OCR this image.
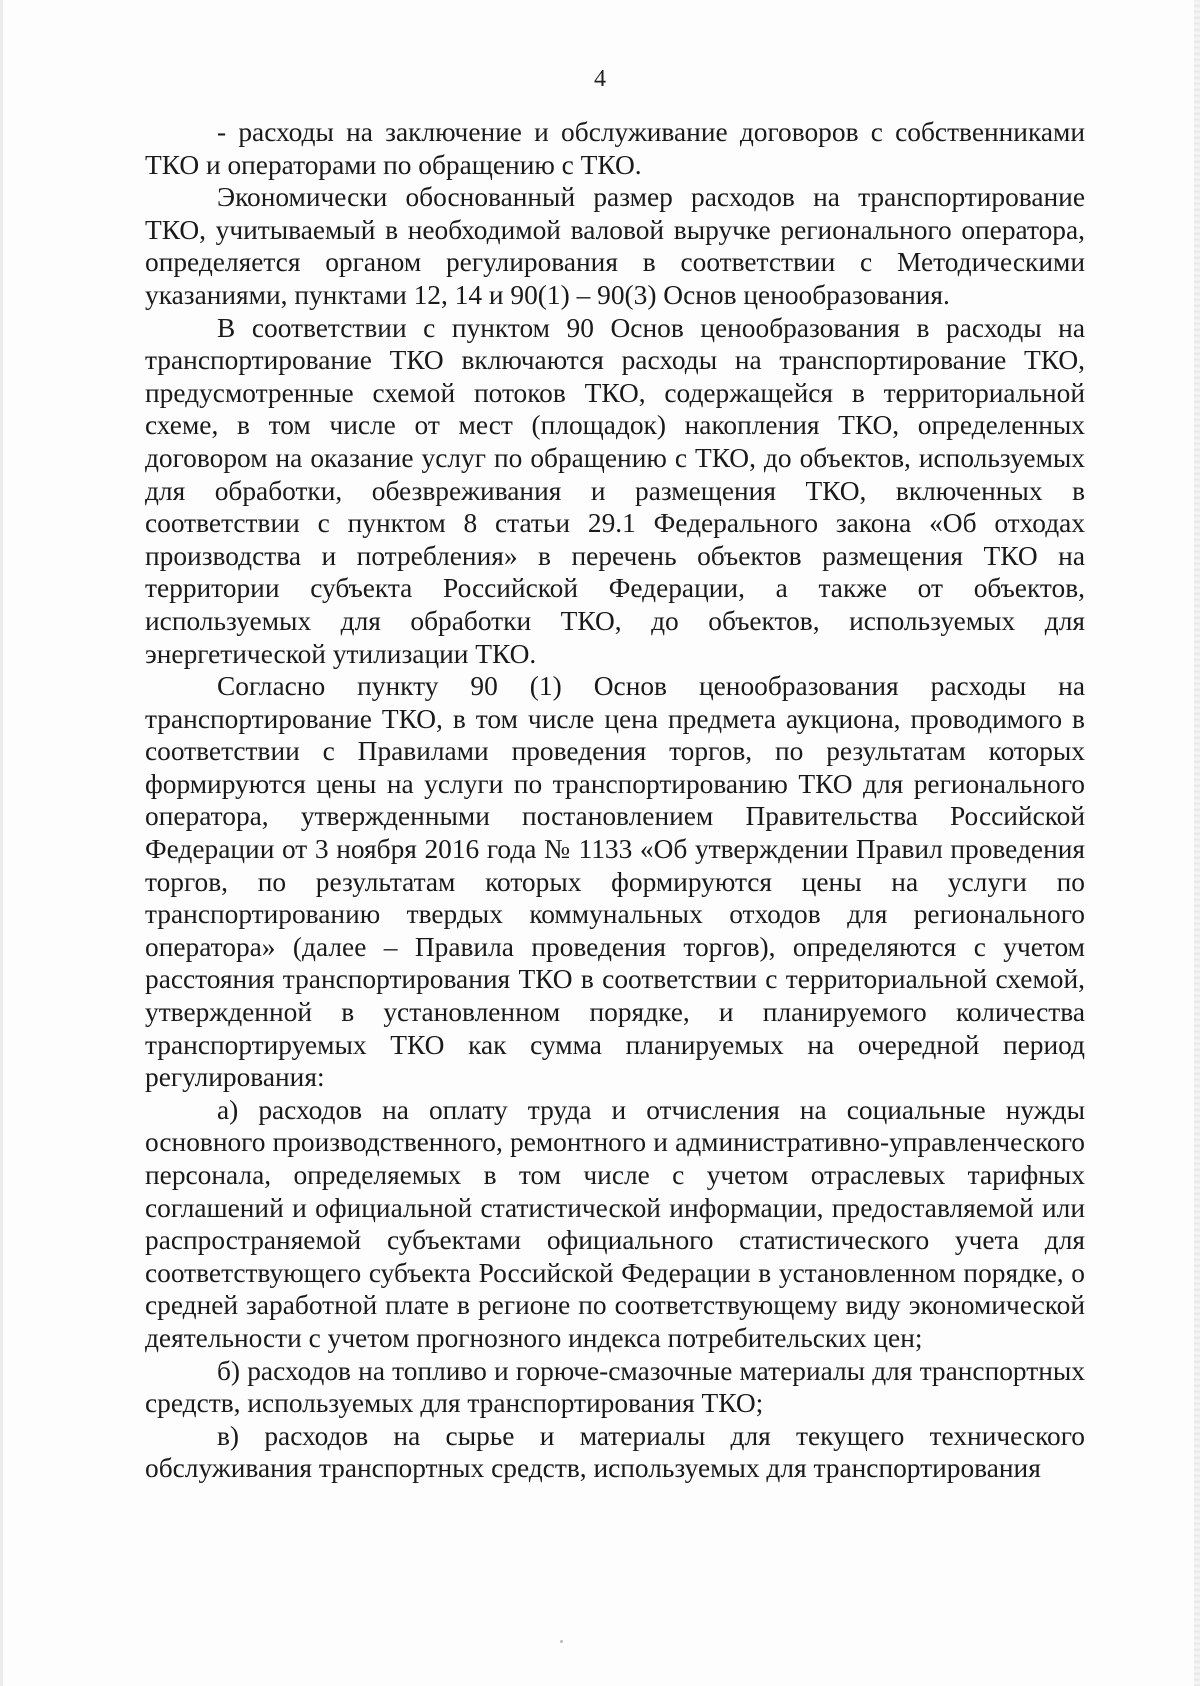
4

- расходы на заключение и обслуживание договоров с собственниками ТКО и операторами по обращению с ТКО.

Экономически обоснованный размер расходов на транспортирование ТКО, учитываемый в необходимой валовой выручке регионального оператора, определяется органом регулирования в соответствии с Методическими указаниями, пунктами 12, 14 и 90(1) – 90(3) Основ ценообразования.

В соответствии с пунктом 90 Основ ценообразования в расходы на транспортирование ТКО включаются расходы на транспортирование ТКО, предусмотренные схемой потоков ТКО, содержащейся в территориальной схеме, в том числе от мест (площадок) накопления ТКО, определенных договором на оказание услуг по обращению с ТКО, до объектов, используемых для обработки, обезвреживания и размещения ТКО, включенных в соответствии с пунктом 8 статьи 29.1 Федерального закона «Об отходах производства и потребления» в перечень объектов размещения ТКО на территории субъекта Российской Федерации, а также от объектов, используемых для обработки ТКО, до объектов, используемых для энергетической утилизации ТКО.

Согласно пункту 90 (1) Основ ценообразования расходы на транспортирование ТКО, в том числе цена предмета аукциона, проводимого в соответствии с Правилами проведения торгов, по результатам которых формируются цены на услуги по транспортированию ТКО для регионального оператора, утвержденными постановлением Правительства Российской Федерации от 3 ноября 2016 года № 1133 «Об утверждении Правил проведения торгов, по результатам которых формируются цены на услуги по транспортированию твердых коммунальных отходов для регионального оператора» (далее – Правила проведения торгов), определяются с учетом расстояния транспортирования ТКО в соответствии с территориальной схемой, утвержденной в установленном порядке, и планируемого количества транспортируемых ТКО как сумма планируемых на очередной период регулирования:

а) расходов на оплату труда и отчисления на социальные нужды основного производственного, ремонтного и административно-управленческого персонала, определяемых в том числе с учетом отраслевых тарифных соглашений и официальной статистической информации, предоставляемой или распространяемой субъектами официального статистического учета для соответствующего субъекта Российской Федерации в установленном порядке, о средней заработной плате в регионе по соответствующему виду экономической деятельности с учетом прогнозного индекса потребительских цен;

б) расходов на топливо и горюче-смазочные материалы для транспортных средств, используемых для транспортирования ТКО;

в) расходов на сырье и материалы для текущего технического обслуживания транспортных средств, используемых для транспортирования
